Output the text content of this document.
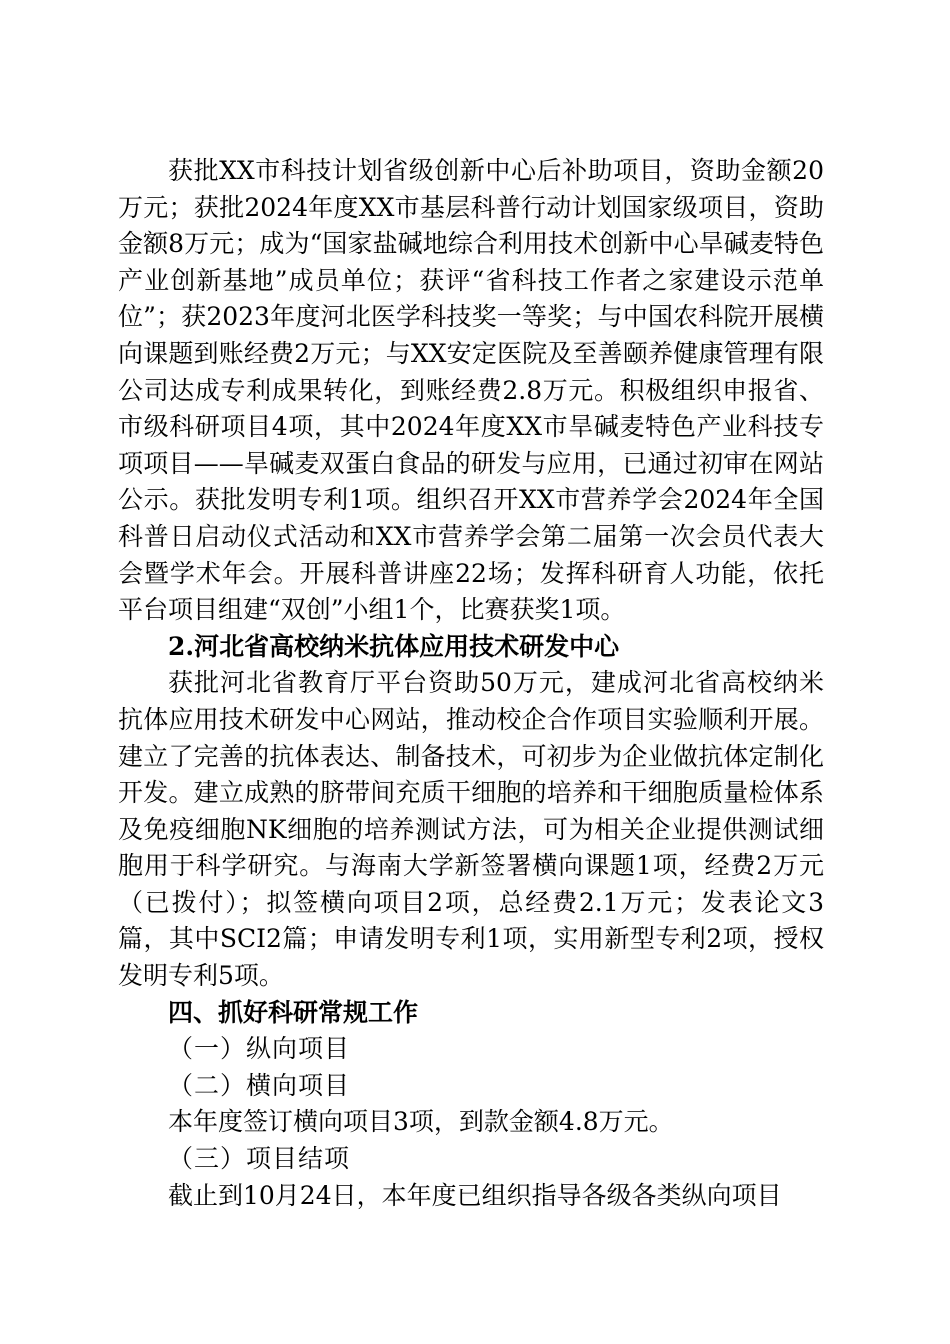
获批XX市科技计划省级创新中心后补助项目，资助金额20万元；获批2024年度XX市基层科普行动计划国家级项目，资助金额8万元；成为“国家盐碱地综合利用技术创新中心旱碱麦特色产业创新基地”成员单位；获评“省科技工作者之家建设示范单位”；获2023年度河北医学科技奖一等奖；与中国农科院开展横向课题到账经费2万元；与XX安定医院及至善颐养健康管理有限公司达成专利成果转化，到账经费2.8万元。积极组织申报省、市级科研项目4项，其中2024年度XX市旱碱麦特色产业科技专项项目——旱碱麦双蛋白食品的研发与应用，已通过初审在网站公示。获批发明专利1项。组织召开XX市营养学会2024年全国科普日启动仪式活动和XX市营养学会第二届第一次会员代表大会暨学术年会。开展科普讲座22场；发挥科研育人功能，依托平台项目组建“双创”小组1个，比赛获奖1项。

2.河北省高校纳米抗体应用技术研发中心

获批河北省教育厅平台资助50万元，建成河北省高校纳米抗体应用技术研发中心网站，推动校企合作项目实验顺利开展。建立了完善的抗体表达、制备技术，可初步为企业做抗体定制化开发。建立成熟的脐带间充质干细胞的培养和干细胞质量检体系及免疫细胞NK细胞的培养测试方法，可为相关企业提供测试细胞用于科学研究。与海南大学新签署横向课题1项，经费2万元（已拨付）；拟签横向项目2项，总经费2.1万元；发表论文3篇，其中SCI2篇；申请发明专利1项，实用新型专利2项，授权发明专利5项。

四、抓好科研常规工作

（一）纵向项目

（二）横向项目

本年度签订横向项目3项，到款金额4.8万元。

（三）项目结项

截止到10月24日，本年度已组织指导各级各类纵向项目
